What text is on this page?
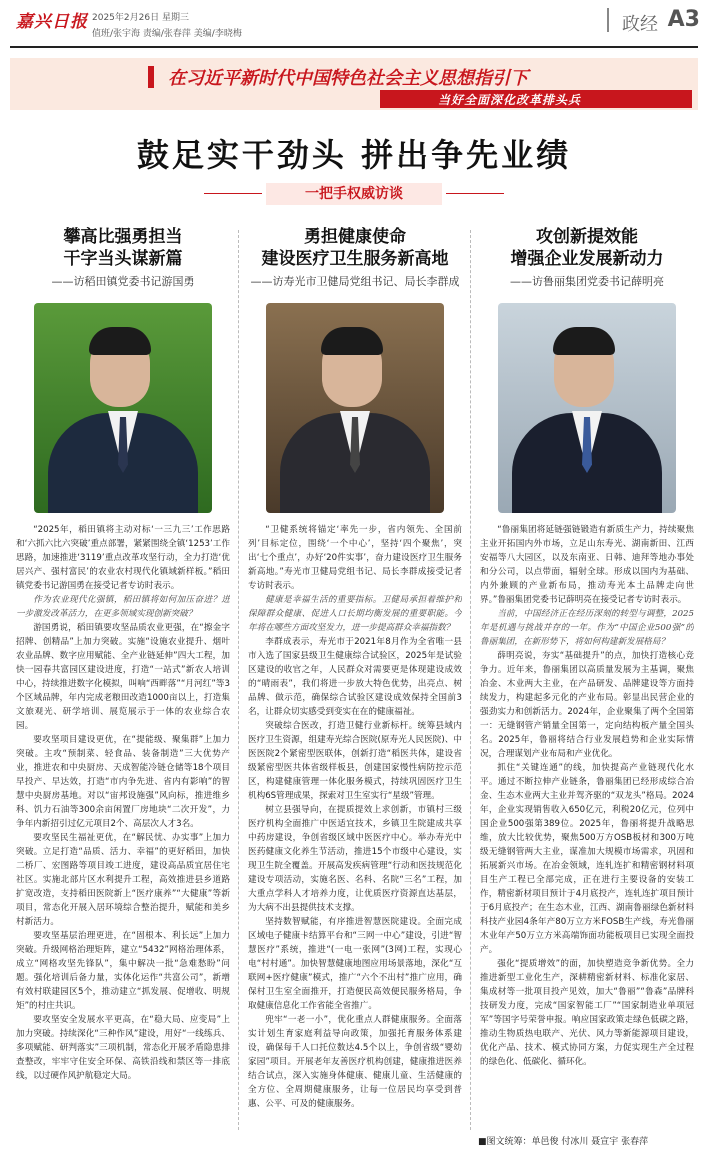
嘉兴日报 2025年2月26日 星期三
值班/张宇海 责编/张春萍 美编/李晓梅	政经 A3
在习近平新时代中国特色社会主义思想指引下
当好全面深化改革排头兵
鼓足实干劲头 拼出争先业绩
一把手权威访谈
攀高比强勇担当
干字当头谋新篇
——访稻田镇党委书记游国勇

“2025年，稻田镇将主动对标‘一三九三’工作思路和‘六抓六比六突破’重点部署，紧紧围绕全镇‘1253’工作思路，加速推进‘3119’重点改革攻坚行动，全力打造‘优居兴产、强村富民’的农业农村现代化镇域新样板。”稻田镇党委书记游国勇在接受记者专访时表示。

作为农业现代化强镇，稻田镇将如何加压奋进？进一步激发改革活力，在更多领域实现创新突破？

游国勇说，稻田镇要攻坚品质农业更强，在“擦金字招牌、创精品”上加力突破。实施“设施农业提升、烟叶农业品牌、数字应用赋能、全产业链延伸”四大工程，加快一园春共富园区建设进度，打造“一站式”新农人培训中心，持续推进数字化模拟，叫响“西畔落”“月河红”等3个区域品牌，年内完成老粮田改造1000亩以上，打造集文旅观光、研学培训、展览展示于一体的农业综合农园。

要攻坚项目建设更优，在“提能级、聚集群”上加力突破。主攻“预制菜、轻食品、装备制造”三大优势产业，推进农和中央厨房、天成智能冷链仓储等18个项目早投产、早达效，打造“市内争先进、省内有影响”的智慧中央厨房基地。对以“宙邦设施强”风向标，推进维乡科、饥力石油等300余亩闲置厂房地块“二次开发”，力争年内新招引过亿元项目2个、高层次人才3名。

要攻坚民生福祉更优，在“解民忧、办实事”上加力突破。立足打造“品质、活力、幸福”的更好稻田，加快二桥厂、宏图路等项目竣工进度，建设高品质宜居住宅社区。实施北部片区水利提升工程，高效推进县乡道路扩宽改造，支持稻田医院新上“医疗康养”“大健康”等新项目，常态化开展入居环境综合整治提升，赋能和美乡村新活力。

要攻坚基层治理更进，在“固根本、利长远”上加力突破。升级网格治理矩阵，建立“5432”网格治理体系，成立“网格攻坚先锋队”，集中解决一批“急难愁盼”问题。强化培训后备力量，实体化运作“共富公司”，新增有效村联建园区5个，推动建立“抓发展、促增收、明规矩”的村庄共识。

要攻坚安全发展水平更高，在“稳大局、应变局”上加力突破。持续深化“三种作风”建设，用好“一线练兵、多项赋能、研判落实”三项机制，常态化开展矛盾隐患排查整改，牢牢守住安全环保、高铁沿线和禁区等一排底线，以过硬作风护航稳定大局。

勇担健康使命
建设医疗卫生服务新高地
——访寿光市卫健局党组书记、局长李群成

“卫健系统将锚定‘率先一步，省内领先、全国前列’目标定位，围绕‘一个中心’，坚持‘四个聚焦’，突出‘七个重点’，办好‘20件实事’，奋力建设医疗卫生服务新高地。”寿光市卫健局党组书记、局长李群成接受记者专访时表示。

健康是幸福生活的重要指标。卫健局承担着维护和保障群众健康、促进人口长期均衡发展的重要职能。今年将在哪些方面攻坚发力，进一步提高群众幸福指数？

李群成表示，寿光市于2021年8月作为全省唯一县市入选了国家县级卫生健康综合试验区，2025年是试验区建设的收官之年，人民群众对需要更是体现建设成效的“晴雨表”，我们将进一步放大特色优势，出亮点、树品牌、做示范，确保综合试验区建设成效保持全国前3名，让群众切实感受到变实在在的健康福祉。

突破综合医改，打造卫健行业新标杆。统筹县域内医疗卫生资源，组建寿光综合医院(原寿光人民医院)、中医医院2个紧密型医联体，创新打造“稻医共体，建设省级紧密型医共体省级样板县，创建国家慢性病防控示范区，构建健康管理一体化服务模式，持续巩固医疗卫生机构6S管理成果，探索对卫生室实行“星级”管理。

树立县强导向，在提质提效上求创新，市镇村三级医疗机构全面推广中医适宜技术，乡镇卫生院建成共享中药房建设，争创省级区域中医医疗中心。举办寿光中医药健康文化养生节活动，推进15个市级中心建设，实现卫生院全覆盖。开展高发疾病管理“行动和医技规范化建设专项活动，实施名医、名科、名院“三名”工程，加大重点学科人才培养力度，让优质医疗资源直达基层，为大病不出县提供技术支撑。

坚持数智赋能，有序推进智慧医院建设。全面完成区域电子健康卡结算平台和“三网一中心”建设，引进“智慧医疗”系统，推进“(一电一张网”(3网)工程，实现心电“村村通”。加快智慧健康地图应用场景落地，深化“互联网+医疗健康”模式，推广“六个不出村”推广应用，确保村卫生室全面推开，打造便民高效便民服务格局，争取健康信息化工作省能全省推广。

兜牢“一老一小”，优化重点人群健康服务。全面落实计划生育家庭利益导向政策，加强托育服务体系建设，确保每千人口托位数达4.5个以上，争创省级“婴幼家园”项目。开展老年友善医疗机构创建，健康推进医养结合试点，深入实施身体健康、健康儿童、生活健康的全方位、全周期健康服务，让每一位居民均享受到普惠、公平、可及的健康服务。

攻创新提效能
增强企业发展新动力
——访鲁丽集团党委书记薛明亮

“鲁丽集团将延链强链锻造有新质生产力，持续聚焦主业开拓国内外市场，立足山东寿光、湖南新田、江西安福等八大园区，以及东南亚、日韩、迪拜等地办事处和分公司，以点带面，辐射全球。形成以国内为基础、内外兼顾的产业新布局，推动寿光本土品牌走向世界。”鲁丽集团党委书记薛明亮在接受记者专访时表示。

当前，中国经济正在经历深刻的转型与调整，2025年是机遇与挑战并存的一年。作为“中国企业500强”的鲁丽集团，在新形势下，将如何构建新发展格局？

薛明亮说，夯实“基础提升”的点，加快打造核心竞争力。近年来，鲁丽集团以高质量发展为主基调，聚焦冶金、木业两大主业，在产品研发、品牌建设等方面持续发力，构建起多元化的产业布局。彰显出民营企业的强劲实力和创新活力。2024年，企业聚集了两个全国第一：无缝钢管产销量全国第一，定向结构板产量全国头名。2025年，鲁丽将结合行业发展趋势和企业实际情况，合理谋划产业布局和产业优化。

抓住“关键连通”的线，加快提高产业链现代化水平。通过不断拉伸产业链条，鲁丽集团已经形成综合冶金、生态木业两大主业并驾齐驱的“双龙头”格局。2024年，企业实现销售收入650亿元，利税20亿元，位列中国企业500强第389位。2025年，鲁丽将提升战略思维，放大比较优势，聚焦500万方OSB板材和300万吨级无缝钢管两大主业，谋准加大规模市场需求，巩固和拓展新兴市场。在冶金领域，连轧连扩和精密钢材料项目生产工程已全部完成，正在进行主要设备的安装工作，精密新材项目预计于4月底投产，连轧连扩项目预计于6月底投产；在生态木业，江西、湖南鲁丽绿色新材料科技产业园4条年产80万立方米FOSB生产线，寿光鲁丽木业年产50万立方米高端饰面功能板项目已实现全面投产。

强化“提质增效”的面，加快塑造竞争新优势。全力推进新型工业化生产，深耕精密新材料、标准化家居、集成材等一批项目投产见效，加大“鲁丽”“鲁森”品牌科技研发力度，完成“国家智能工厂”“国家制造业单项冠军”等国字号荣誉申报。响应国家政策走绿色低碳之路，推动生物质热电联产、光伏、风力等新能源项目建设，优化产品、技术、模式协同方案，力促实现生产全过程的绿色化、低碳化、循环化。

■图文统筹：单邑俊 付冰川 聂宣宇 张春萍
